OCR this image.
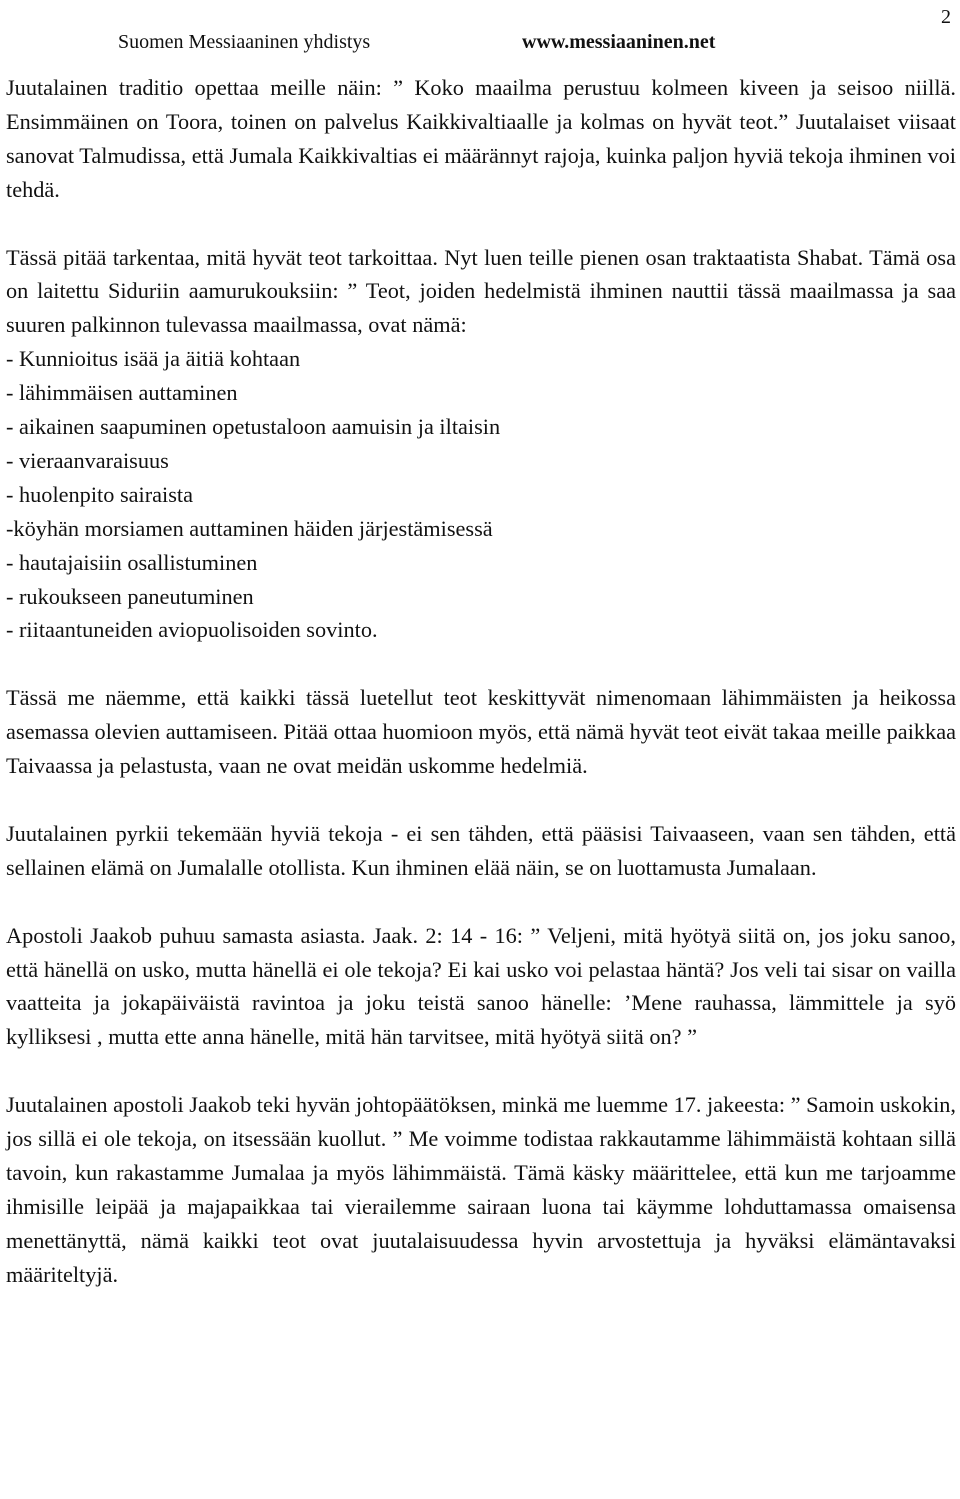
Suomen Messiaaninen yhdistys	www.messiaaninen.net
2

Juutalainen traditio opettaa meille näin: ” Koko maailma perustuu kolmeen kiveen ja seisoo niillä. Ensimmäinen on Toora, toinen on palvelus Kaikkivaltiaalle ja kolmas on hyvät teot.” Juutalaiset viisaat sanovat Talmudissa, että Jumala Kaikkivaltias ei määrännyt rajoja, kuinka paljon hyviä tekoja ihminen voi tehdä.

Tässä pitää tarkentaa, mitä hyvät teot tarkoittaa. Nyt luen teille pienen osan traktaatista Shabat. Tämä osa on laitettu Siduriin aamurukouksiin: ” Teot, joiden hedelmistä ihminen nauttii tässä maailmassa ja saa suuren palkinnon tulevassa maailmassa, ovat nämä:

- Kunnioitus isää ja äitiä kohtaan
- lähimmäisen auttaminen
- aikainen saapuminen opetustaloon aamuisin ja iltaisin
- vieraanvaraisuus
- huolenpito sairaista
-köyhän morsiamen auttaminen häiden järjestämisessä
- hautajaisiin osallistuminen
- rukoukseen paneutuminen
- riitaantuneiden aviopuolisoiden sovinto.

Tässä me näemme, että kaikki tässä luetellut teot keskittyvät nimenomaan lähimmäisten ja heikossa asemassa olevien auttamiseen. Pitää ottaa huomioon myös, että nämä hyvät teot eivät takaa meille paikkaa Taivaassa ja pelastusta, vaan ne ovat meidän uskomme hedelmiä.

Juutalainen pyrkii tekemään hyviä tekoja - ei sen tähden, että pääsisi Taivaaseen, vaan sen tähden, että sellainen elämä on Jumalalle otollista. Kun ihminen elää näin, se on luottamusta Jumalaan.

Apostoli Jaakob puhuu samasta asiasta. Jaak. 2: 14 - 16: ” Veljeni, mitä hyötyä siitä on, jos joku sanoo, että hänellä on usko, mutta hänellä ei ole tekoja? Ei kai usko voi pelastaa häntä? Jos veli tai sisar on vailla vaatteita ja jokapäiväistä ravintoa ja joku teistä sanoo hänelle: ’Mene rauhassa, lämmittele ja syö kylliksesi , mutta ette anna hänelle, mitä hän tarvitsee, mitä hyötyä siitä on? ”

Juutalainen apostoli Jaakob teki hyvän johtopäätöksen, minkä me luemme 17. jakeesta: ” Samoin uskokin, jos sillä ei ole tekoja, on itsessään kuollut. ” Me voimme todistaa rakkautamme lähimmäistä kohtaan sillä tavoin, kun rakastamme Jumalaa ja myös lähimmäistä. Tämä käsky määrittelee, että kun me tarjoamme ihmisille leipää ja majapaikkaa tai vierailemme sairaan luona tai käymme lohduttamassa omaisensa menettänyttä, nämä kaikki teot ovat juutalaisuudessa hyvin arvostettuja ja hyväksi elämäntavaksi määriteltyjä.
